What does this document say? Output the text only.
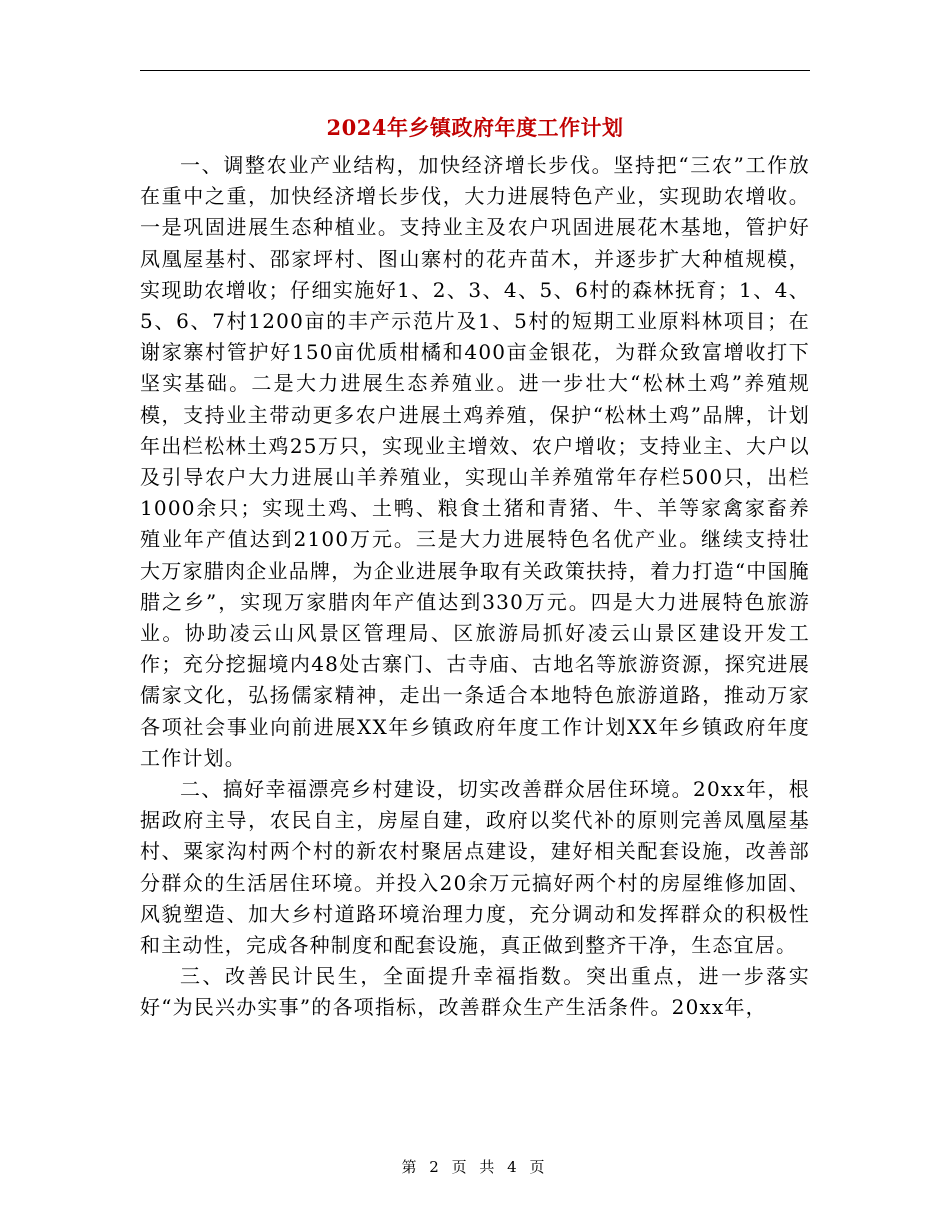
2024年乡镇政府年度工作计划

一、调整农业产业结构，加快经济增长步伐。坚持把“三农”工作放在重中之重，加快经济增长步伐，大力进展特色产业，实现助农增收。一是巩固进展生态种植业。支持业主及农户巩固进展花木基地，管护好凤凰屋基村、邵家坪村、图山寨村的花卉苗木，并逐步扩大种植规模，实现助农增收；仔细实施好1、2、3、4、5、6村的森林抚育；1、4、5、6、7村1200亩的丰产示范片及1、5村的短期工业原料林项目；在谢家寨村管护好150亩优质柑橘和400亩金银花，为群众致富增收打下坚实基础。二是大力进展生态养殖业。进一步壮大“松林土鸡”养殖规模，支持业主带动更多农户进展土鸡养殖，保护“松林土鸡”品牌，计划年出栏松林土鸡25万只，实现业主增效、农户增收；支持业主、大户以及引导农户大力进展山羊养殖业，实现山羊养殖常年存栏500只，出栏1000余只；实现土鸡、土鸭、粮食土猪和青猪、牛、羊等家禽家畜养殖业年产值达到2100万元。三是大力进展特色名优产业。继续支持壮大万家腊肉企业品牌，为企业进展争取有关政策扶持，着力打造“中国腌腊之乡”，实现万家腊肉年产值达到330万元。四是大力进展特色旅游业。协助凌云山风景区管理局、区旅游局抓好凌云山景区建设开发工作；充分挖掘境内48处古寨门、古寺庙、古地名等旅游资源，探究进展儒家文化，弘扬儒家精神，走出一条适合本地特色旅游道路，推动万家各项社会事业向前进展XX年乡镇政府年度工作计划XX年乡镇政府年度工作计划。

二、搞好幸福漂亮乡村建设，切实改善群众居住环境。20xx年，根据政府主导，农民自主，房屋自建，政府以奖代补的原则完善凤凰屋基村、粟家沟村两个村的新农村聚居点建设，建好相关配套设施，改善部分群众的生活居住环境。并投入20余万元搞好两个村的房屋维修加固、风貌塑造、加大乡村道路环境治理力度，充分调动和发挥群众的积极性和主动性，完成各种制度和配套设施，真正做到整齐干净，生态宜居。

三、改善民计民生，全面提升幸福指数。突出重点，进一步落实好“为民兴办实事”的各项指标，改善群众生产生活条件。20xx年，

第 2 页 共 4 页
